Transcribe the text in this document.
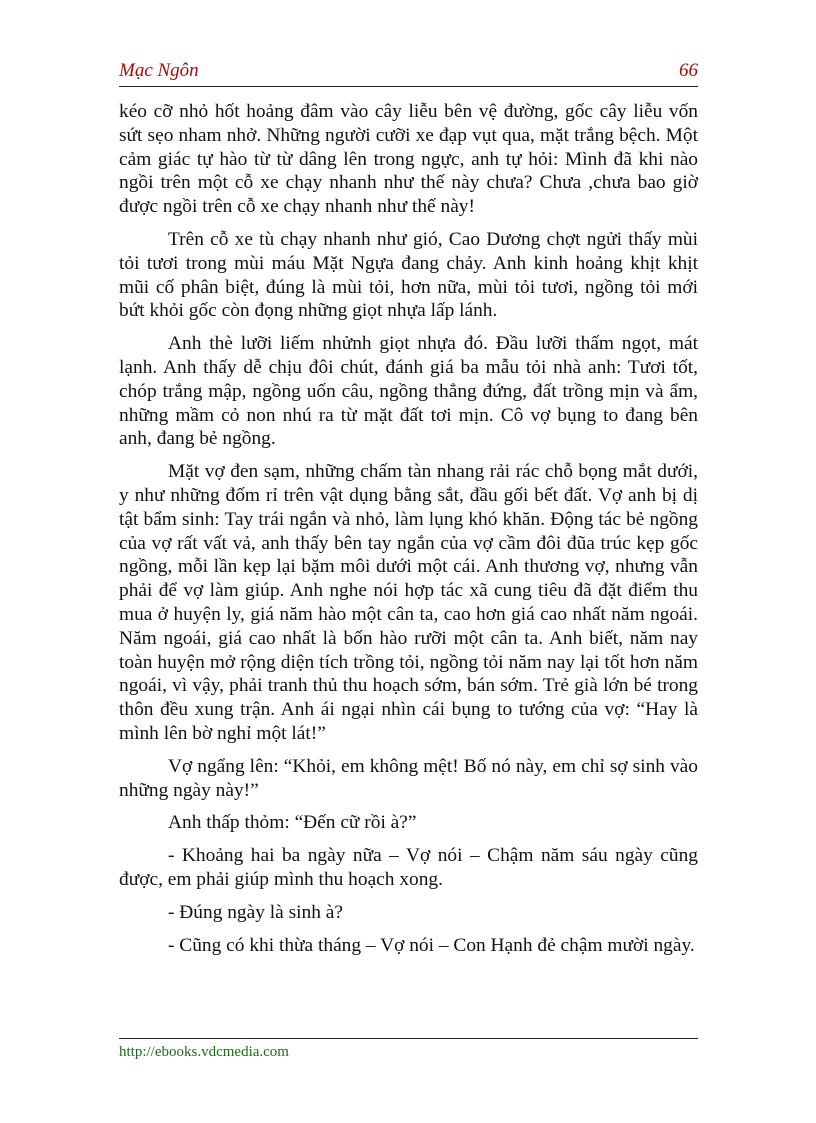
Mạc Ngôn	66

kéo cỡ nhỏ hốt hoảng đâm vào cây liễu bên vệ đường, gốc cây liễu vốn sứt sẹo nham nhở. Những người cưỡi xe đạp vụt qua, mặt trắng bệch. Một cảm giác tự hào từ từ dâng lên trong ngực, anh tự hỏi: Mình đã khi nào ngồi trên một cỗ xe chạy nhanh như thế này chưa? Chưa ,chưa bao giờ được ngồi trên cỗ xe chạy nhanh như thế này!

Trên cỗ xe tù chạy nhanh như gió, Cao Dương chợt ngửi thấy mùi tỏi tươi trong mùi máu Mặt Ngựa đang chảy. Anh kinh hoảng khịt khịt mũi cố phân biệt, đúng là mùi tỏi, hơn nữa, mùi tỏi tươi, ngồng tỏi mới bứt khỏi gốc còn đọng những giọt nhựa lấp lánh.

Anh thè lưỡi liếm nhửnh giọt nhựa đó. Đầu lưỡi thấm ngọt, mát lạnh. Anh thấy dễ chịu đôi chút, đánh giá ba mẫu tỏi nhà anh: Tươi tốt, chóp trắng mập, ngồng uốn câu, ngồng thẳng đứng, đất trồng mịn và ẩm, những mầm cỏ non nhú ra từ mặt đất tơi mịn. Cô vợ bụng to đang bên anh, đang bẻ ngồng.

Mặt vợ đen sạm, những chấm tàn nhang rải rác chỗ bọng mắt dưới, y như những đốm rỉ trên vật dụng bằng sắt, đầu gối bết đất. Vợ anh bị dị tật bẩm sinh: Tay trái ngắn và nhỏ, làm lụng khó khăn. Động tác bẻ ngồng của vợ rất vất vả, anh thấy bên tay ngắn của vợ cầm đôi đũa trúc kẹp gốc ngồng, mỗi lần kẹp lại bặm môi dưới một cái. Anh thương vợ, nhưng vẫn phải để vợ làm giúp. Anh nghe nói hợp tác xã cung tiêu đã đặt điểm thu mua ở huyện ly, giá năm hào một cân ta, cao hơn giá cao nhất năm ngoái. Năm ngoái, giá cao nhất là bốn hào rưỡi một cân ta. Anh biết, năm nay toàn huyện mở rộng diện tích trồng tỏi, ngồng tỏi năm nay lại tốt hơn năm ngoái, vì vậy, phải tranh thủ thu hoạch sớm, bán sớm. Trẻ già lớn bé trong thôn đều xung trận. Anh ái ngại nhìn cái bụng to tướng của vợ: “Hay là mình lên bờ nghỉ một lát!”

Vợ ngẩng lên: “Khỏi, em không mệt! Bố nó này, em chỉ sợ sinh vào những ngày này!”

Anh thấp thỏm: “Đến cữ rồi à?”

- Khoảng hai ba ngày nữa – Vợ nói – Chậm năm sáu ngày cũng được, em phải giúp mình thu hoạch xong.

- Đúng ngày là sinh à?

- Cũng có khi thừa tháng – Vợ nói – Con Hạnh đẻ chậm mười ngày.

http://ebooks.vdcmedia.com
